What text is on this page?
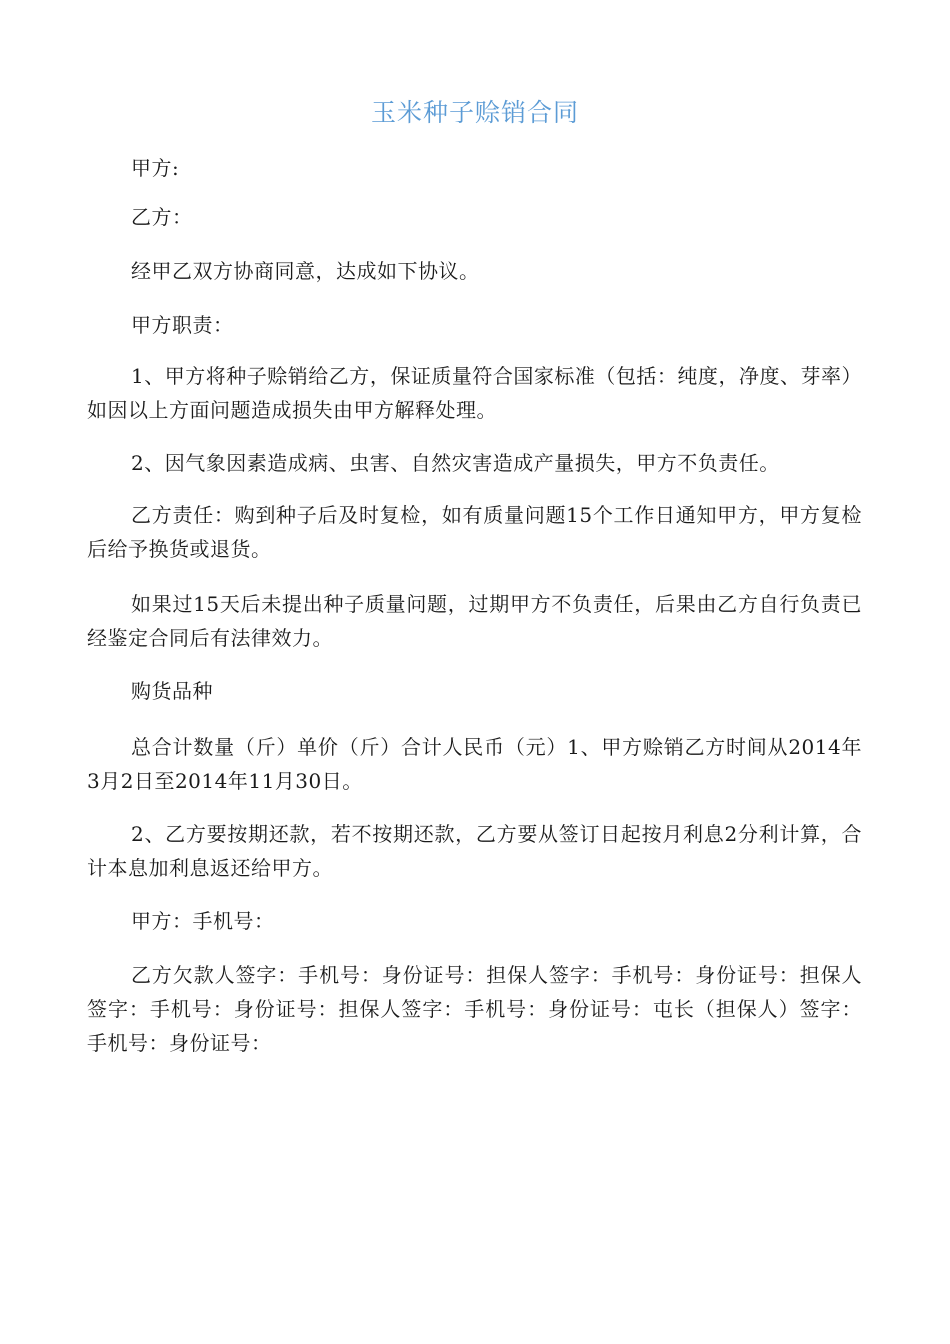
玉米种子赊销合同

甲方:

乙方：

经甲乙双方协商同意，达成如下协议。

甲方职责：

1、甲方将种子赊销给乙方，保证质量符合国家标准（包括：纯度，净度、芽率）如因以上方面问题造成损失由甲方解释处理。

2、因气象因素造成病、虫害、自然灾害造成产量损失，甲方不负责任。

乙方责任：购到种子后及时复检，如有质量问题15个工作日通知甲方，甲方复检后给予换货或退货。

如果过15天后未提出种子质量问题，过期甲方不负责任，后果由乙方自行负责已经鉴定合同后有法律效力。

购货品种

总合计数量（斤）单价（斤）合计人民币（元）1、甲方赊销乙方时间从2014年3月2日至2014年11月30日。

2、乙方要按期还款，若不按期还款，乙方要从签订日起按月利息2分利计算，合计本息加利息返还给甲方。

甲方：手机号：

乙方欠款人签字：手机号：身份证号：担保人签字：手机号：身份证号：担保人签字：手机号：身份证号：担保人签字：手机号：身份证号：屯长（担保人）签字：手机号：身份证号：
